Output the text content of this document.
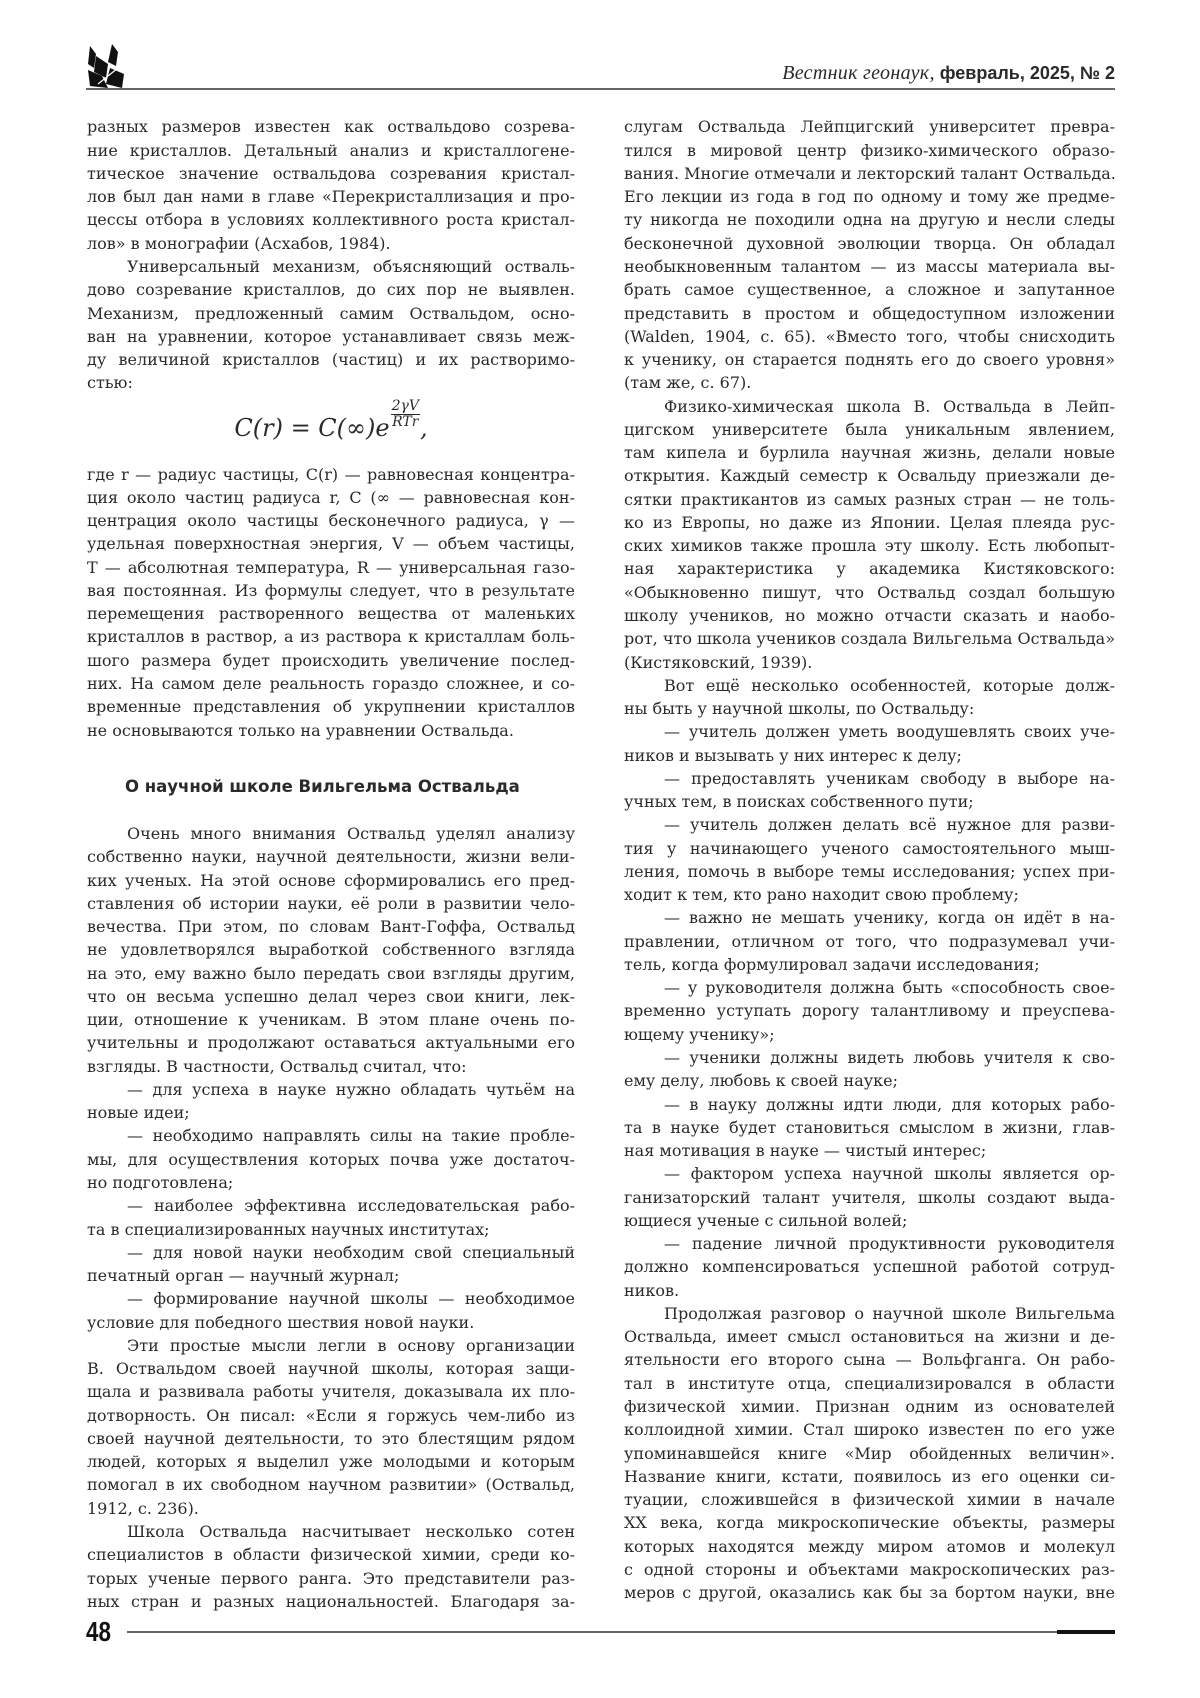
Вестник геонаук, февраль, 2025, № 2
разных размеров известен как оствальдово созрева-
ние кристаллов. Детальный анализ и кристаллогене-
тическое значение оствальдова созревания кристал-
лов был дан нами в главе «Перекристаллизация и про-
цессы отбора в условиях коллективного роста кристал-
лов» в монографии (Асхабов, 1984).
Универсальный механизм, объясняющий остваль-
дово созревание кристаллов, до сих пор не выявлен.
Механизм, предложенный самим Оствальдом, осно-
ван на уравнении, которое устанавливает связь меж-
ду величиной кристаллов (частиц) и их растворимо-
стью:
C(r) = C(∞)e
2γV
RTr ,
где r — радиус частицы, C(r) — равновесная концентра-
ция около частиц радиуса r, C (∞ — равновесная кон-
центрация около частицы бесконечного радиуса, γ —
удельная поверхностная энергия, V — объем частицы,
Т — абсолютная температура, R — универсальная газо-
вая постоянная. Из формулы следует, что в результате
перемещения растворенного вещества от маленьких
кристаллов в раствор, а из раствора к кристаллам боль-
шого размера будет происходить увеличение послед-
них. На самом деле реальность гораздо сложнее, и со-
временные представления об укрупнении кристаллов
не основываются только на уравнении Оствальда.
О научной школе Вильгельма Оствальда
Очень много внимания Оствальд уделял анализу
собственно науки, научной деятельности, жизни вели-
ких ученых. На этой основе сформировались его пред-
ставления об истории науки, её роли в развитии чело-
вечества. При этом, по словам Вант-Гоффа, Оствальд
не удовлетворялся выработкой собственного взгляда
на это, ему важно было передать свои взгляды другим,
что он весьма успешно делал через свои книги, лек-
ции, отношение к ученикам. В этом плане очень по-
учительны и продолжают оставаться актуальными его
взгляды. В частности, Оствальд считал, что:
— для успеха в науке нужно обладать чутьём на
новые идеи;
— необходимо направлять силы на такие пробле-
мы, для осуществления которых почва уже достаточ-
но подготовлена;
— наиболее эффективна исследовательская рабо-
та в специализированных научных институтах;
— для новой науки необходим свой специальный
печатный орган — научный журнал;
— формирование научной школы — необходимое
условие для победного шествия новой науки.
Эти простые мысли легли в основу организации
В. Оствальдом своей научной школы, которая защи-
щала и развивала работы учителя, доказывала их пло-
дотворность. Он писал: «Если я горжусь чем-либо из
своей научной деятельности, то это блестящим рядом
людей, которых я выделил уже молодыми и которым
помогал в их свободном научном развитии» (Оствальд,
1912, с. 236).
Школа Оствальда насчитывает несколько сотен
специалистов в области физической химии, среди ко-
торых ученые первого ранга. Это представители раз-
ных стран и разных национальностей. Благодаря за-
слугам Оствальда Лейпцигский университет превра-
тился в мировой центр физико-химического образо-
вания. Многие отмечали и лекторский талант Оствальда.
Его лекции из года в год по одному и тому же предме-
ту никогда не походили одна на другую и несли следы
бесконечной духовной эволюции творца. Он обладал
необыкновенным талантом — из массы материала вы-
брать самое существенное, а сложное и запутанное
представить в простом и общедоступном изложении
(Walden, 1904, с. 65). «Вместо того, чтобы снисходить
к ученику, он старается поднять его до своего уровня»
(там же, с. 67).
Физико-химическая школа В. Оствальда в Лейп-
цигском университете была уникальным явлением,
там кипела и бурлила научная жизнь, делали новые
открытия. Каждый семестр к Освальду приезжали де-
сятки практикантов из самых разных стран — не толь-
ко из Европы, но даже из Японии. Целая плеяда рус-
ских химиков также прошла эту школу. Есть любопыт-
ная характеристика у академика Кистяковского:
«Обыкновенно пишут, что Оствальд создал большую
школу учеников, но можно отчасти сказать и наобо-
рот, что школа учеников создала Вильгельма Оствальда»
(Кистяковский, 1939).
Вот ещё несколько особенностей, которые долж-
ны быть у научной школы, по Оствальду:
— учитель должен уметь воодушевлять своих уче-
ников и вызывать у них интерес к делу;
— предоставлять ученикам свободу в выборе на-
учных тем, в поисках собственного пути;
— учитель должен делать всё нужное для разви-
тия у начинающего ученого самостоятельного мыш-
ления, помочь в выборе темы исследования; успех при-
ходит к тем, кто рано находит свою проблему;
— важно не мешать ученику, когда он идёт в на-
правлении, отличном от того, что подразумевал учи-
тель, когда формулировал задачи исследования;
— у руководителя должна быть «способность свое-
временно уступать дорогу талантливому и преуспева-
ющему ученику»;
— ученики должны видеть любовь учителя к сво-
ему делу, любовь к своей науке;
— в науку должны идти люди, для которых рабо-
та в науке будет становиться смыслом в жизни, глав-
ная мотивация в науке — чистый интерес;
— фактором успеха научной школы является ор-
ганизаторский талант учителя, школы создают выда-
ющиеся ученые с сильной волей;
— падение личной продуктивности руководителя
должно компенсироваться успешной работой сотруд-
ников.
Продолжая разговор о научной школе Вильгельма
Оствальда, имеет смысл остановиться на жизни и де-
ятельности его второго сына — Вольфганга. Он рабо-
тал в институте отца, специализировался в области
физической химии. Признан одним из основателей
коллоидной химии. Стал широко известен по его уже
упоминавшейся книге «Мир обойденных величин».
Название книги, кстати, появилось из его оценки си-
туации, сложившейся в физической химии в начале
XX века, когда микроскопические объекты, размеры
которых находятся между миром атомов и молекул
с одной стороны и объектами макроскопических раз-
меров с другой, оказались как бы за бортом науки, вне
48
